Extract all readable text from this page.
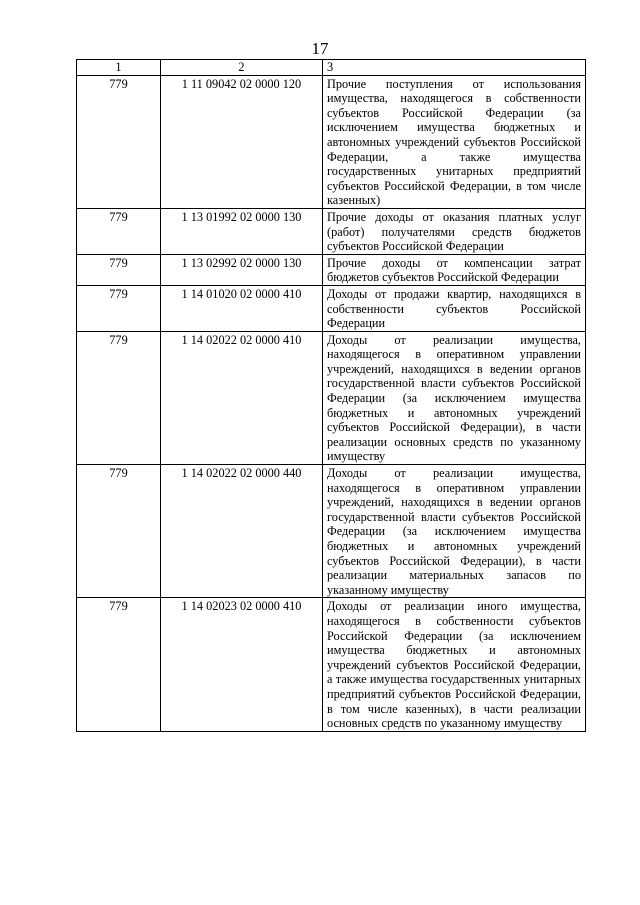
17
1	2	3
779	1 11 09042 02 0000 120	Прочие поступления от использования имущества, находящегося в собственности субъектов Российской Федерации (за исключением имущества бюджетных и автономных учреждений субъектов Российской Федерации, а также имущества государственных унитарных предприятий субъектов Российской Федерации, в том числе казенных)
779	1 13 01992 02 0000 130	Прочие доходы от оказания платных услуг (работ) получателями средств бюджетов субъектов Российской Федерации
779	1 13 02992 02 0000 130	Прочие доходы от компенсации затрат бюджетов субъектов Российской Федерации
779	1 14 01020 02 0000 410	Доходы от продажи квартир, находящихся в собственности субъектов Российской Федерации
779	1 14 02022 02 0000 410	Доходы от реализации имущества, находящегося в оперативном управлении учреждений, находящихся в ведении органов государственной власти субъектов Российской Федерации (за исключением имущества бюджетных и автономных учреждений субъектов Российской Федерации), в части реализации основных средств по указанному имуществу
779	1 14 02022 02 0000 440	Доходы от реализации имущества, находящегося в оперативном управлении учреждений, находящихся в ведении органов государственной власти субъектов Российской Федерации (за исключением имущества бюджетных и автономных учреждений субъектов Российской Федерации), в части реализации материальных запасов по указанному имуществу
779	1 14 02023 02 0000 410	Доходы от реализации иного имущества, находящегося в собственности субъектов Российской Федерации (за исключением имущества бюджетных и автономных учреждений субъектов Российской Федерации, а также имущества государственных унитарных предприятий субъектов Российской Федерации, в том числе казенных), в части реализации основных средств по указанному имуществу
